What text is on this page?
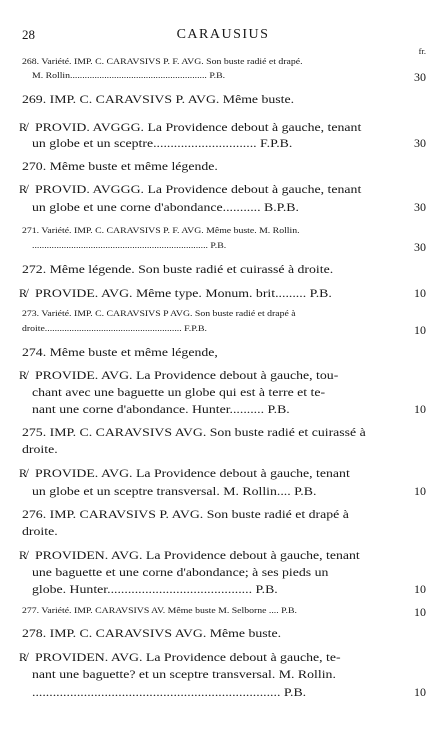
28	CARAUSIUS
fr.
268. Variété. IMP. C. CARAVSIVS P. F. AVG. Son buste radié et drapé.
M. Rollin........................................................ P.B.	30
269. IMP. C. CARAVSIVS P. AVG. Même buste.
R̸ PROVID. AVGGG. La Providence debout à gauche, tenant
un globe et un sceptre.............................. F.P.B.	30
270. Même buste et même légende.
R̸ PROVID. AVGGG. La Providence debout à gauche, tenant
un globe et une corne d'abondance........... B.P.B.	30
271. Variété. IMP. C. CARAVSIVS P. F. AVG. Même buste. M. Rollin.
........................................................................ P.B.	30
272. Même légende. Son buste radié et cuirassé à droite.
R̸ PROVIDE. AVG. Même type. Monum. brit......... P.B.	10
273. Variété. IMP. C. CARAVSIVS P AVG. Son buste radié et drapé à
droite........................................................ F.P.B.	10
274. Même buste et même légende,
R̸ PROVIDE. AVG. La Providence debout à gauche, tou-
chant avec une baguette un globe qui est à terre et te-
nant une corne d'abondance. Hunter.......... P.B.	10
275. IMP. C. CARAVSIVS AVG. Son buste radié et cuirassé à
droite.
R̸ PROVIDE. AVG. La Providence debout à gauche, tenant
un globe et un sceptre transversal. M. Rollin.... P.B.	10
276. IMP. CARAVSIVS P. AVG. Son buste radié et drapé à
droite.
R̸ PROVIDEN. AVG. La Providence debout à gauche, tenant
une baguette et une corne d'abondance; à ses pieds un
globe. Hunter.......................................... P.B.	10
277. Variété. IMP. CARAVSIVS AV. Même buste M. Selborne .... P.B.	10
278. IMP. C. CARAVSIVS AVG. Même buste.
R̸ PROVIDEN. AVG. La Providence debout à gauche, te-
nant une baguette? et un sceptre transversal. M. Rollin.
........................................................................ P.B.	10
